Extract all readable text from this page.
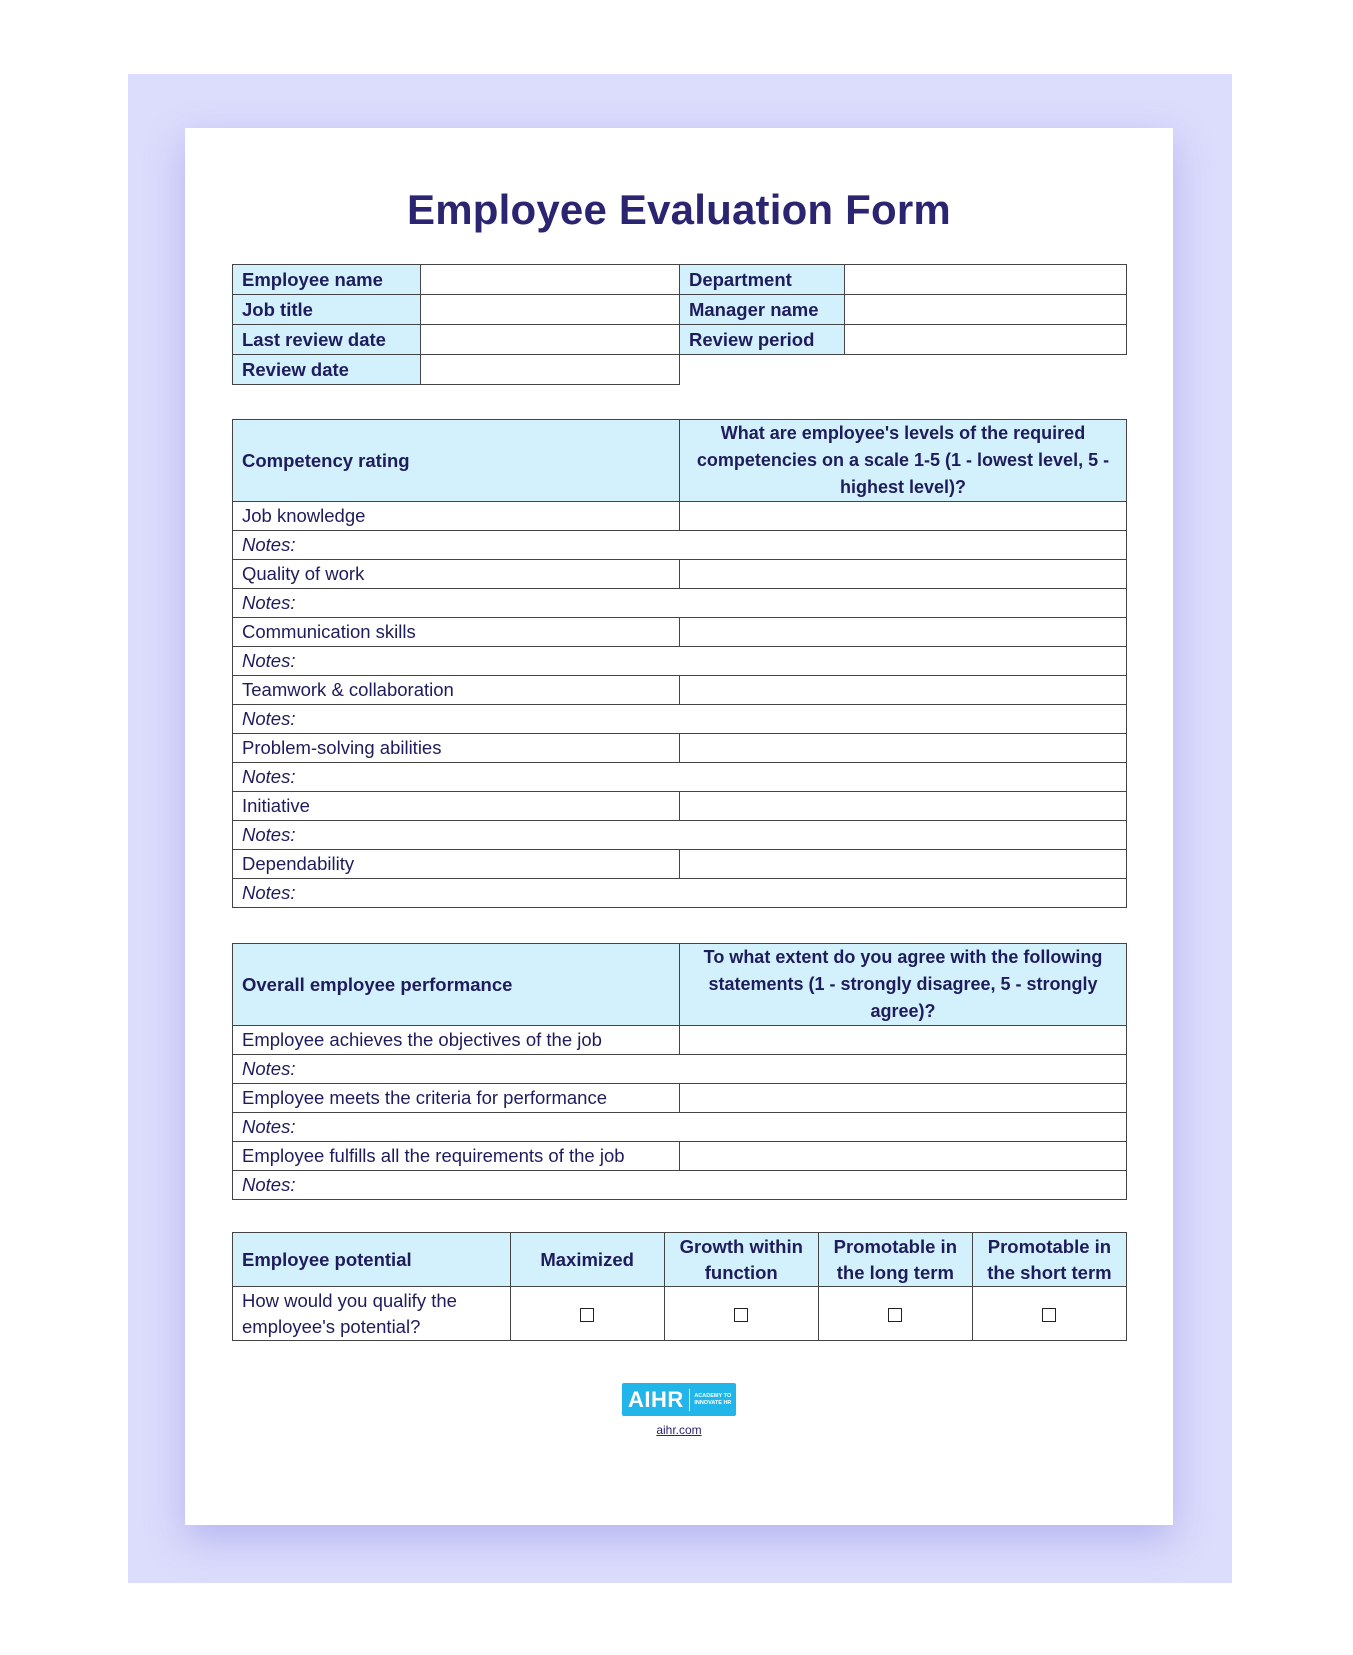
Employee Evaluation Form
Employee name		Department	
Job title		Manager name	
Last review date		Review period	
Review date			
Competency rating	What are employee's levels of the required competencies on a scale 1-5 (1 - lowest level, 5 - highest level)?
Job knowledge	
Notes:	
Quality of work	
Notes:	
Communication skills	
Notes:	
Teamwork & collaboration	
Notes:	
Problem-solving abilities	
Notes:	
Initiative	
Notes:	
Dependability	
Notes:	
Overall employee performance	To what extent do you agree with the following statements (1 - strongly disagree, 5 - strongly agree)?
Employee achieves the objectives of the job	
Notes:	
Employee meets the criteria for performance	
Notes:	
Employee fulfills all the requirements of the job	
Notes:	
Employee potential	Maximized	Growth within function	Promotable in the long term	Promotable in the short term
How would you qualify the employee's potential?				
AIHR ACADEMY TO INNOVATE HR
aihr.com
